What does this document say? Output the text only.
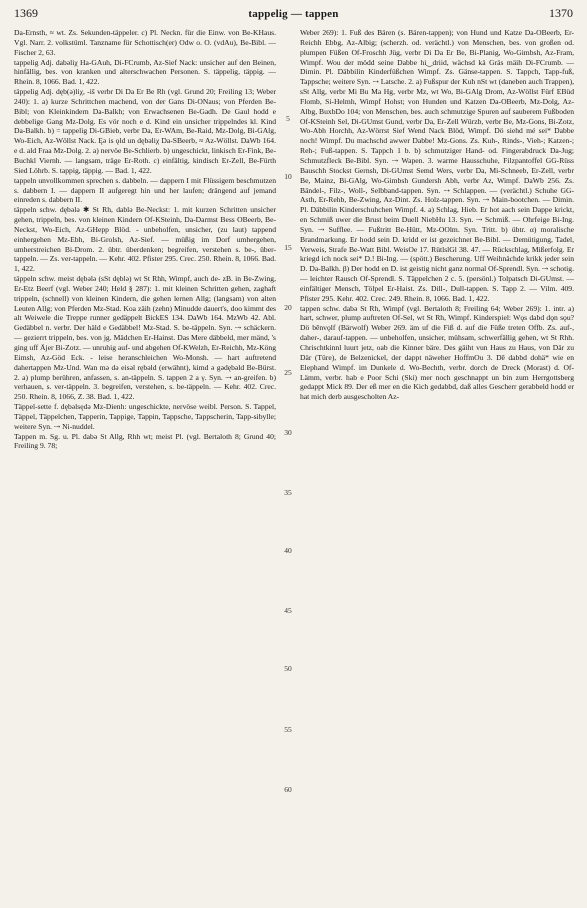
1369	tappelig — tappen	1370

Da-Ernsth, ≈ wt. Zs. Sekunden-täppeler. c) Pl. Neckn. für die Einw. von Be-KHaus. Vgl. Narr. 2. volkstüml. Tanzname für Schottisch(er) Odw o. O. (vdAu), Be-Bibl. — Fischer 2, 63.

tappelig Adj. dabəliχ Ha-GAuh, Di-FCrumb, Az-Sief Nack: unsicher auf den Beinen, hinfällig, bes. von kranken und alterschwachen Personen. S. täppelig, täppig. — Rhein. 8, 1066. Bad. 1, 422.

täppelig Adj. dęb(ə)liχ, -iš verbr Di Da Er Be Rh (vgl. Grund 20; Freiling 13; Weber 240): 1. a) kurze Schrittchen machend, von der Gans Di-ONaus; von Pferden Be-Bibl; von Kleinkindern Da-Balkh; von Erwachsenen Be-Gadh. De Gaul hodd e debbelige Gang Mz-Dolg. Es vör noch e d. Kind ein unsicher trippelndes kl. Kind Da-Balkh. b) = tappelig Di-GBieb, verbr Da, Er-WAm, Be-Raid, Mz-Dolg, Bi-GAlg, Wo-Eich, Az-Wöllst Nack. Ęə is ǫld un dębəliχ Da-SBeerb, ≈ Az-Wöllst. DaWb 164. e d. ald Fraa Mz-Dolg. 2. a) nervöe Be-Schlierb. b) ungeschickt, linkisch Er-Fink, Be-Buchkl Viernh. — langsam, träge Er-Roth. c) einfältig, kindisch Er-Zell, Be-Fürth Sied Löhrb. S. tappig, täppig. — Bad. 1, 422.

tappeln unvollkommen sprechen s. dabbeln. — dappern I mit Flüssigem beschmutzen s. dabbern I. — dappern II aufgeregt hin und her laufen; drängend auf jemand einreden s. dabbern II.

täppeln schw. dębələ ✱ St Rh, dablə Be-Neckst: 1. mit kurzen Schritten unsicher gehen, trippeln, bes. von kleinen Kindern Of-KSteinh, Da-Darmst Bess OBeerb, Be-Neckst, Wo-Eich, Az-GHepp Blöd. - unbeholfen, unsicher, (zu laut) tappend einhergehen Mz-Ebh, Bi-Grolsh, Az-Sief. — müßig im Dorf umhergehen, umherstreichen Bi-Drom. 2. übtr. überdenken; begreifen, verstehen s. be-, über-tappeln. — Zs. ver-tappeln. — Kehr. 402. Pfister 295. Crec. 250. Rhein. 8, 1066. Bad. 1, 422.

täppeln schw. meist dębələ (sSt dęblə) wt St Rhh, Wimpf, auch de- zB. in Be-Zwing, Er-Etz Beerf (vgl. Weber 240; Held § 287): 1. mit kleinen Schritten gehen, zaghaft trippeln, (schnell) von kleinen Kindern, die gehen lernen Allg; (langsam) von alten Leuten Allg; von Pferden Mz-Stad. Koa zäih (zehn) Minudde dauert's, doo kimmt des alt Weiwele die Treppe runner gedäppelt BickES 134. DaWb 164. MzWb 42. Abl. Gedäbbel n. verbr. Der häld e Gedäbbel! Mz-Stad. S. be-täppeln. Syn. ⇢ schäckern. — gezierrt trippeln, bes. von jg. Mädchen Er-Hainst. Das Mere däbbeld, mer mänd, 's ging uff Äjer Bi-Zotz. — unruhig auf- und abgehen Of-KWelzh, Er-Reichh, Mz-Köng Eimsh, Az-Göd Eck. - leise heranschleichen Wo-Monsh. — hart auftretend dahertappen Mz-Und. Wan mə də eisəl rębəld (erwähnt), kimd ə gədębəld Be-Bürst. 2. a) plump berühren, anfassen, s. an-täppeln. S. tappen 2 a γ. Syn. ⇢ an-greifen. b) verhauen, s. ver-täppeln. 3. begreifen, verstehen, s. be-täppeln. — Kehr. 402. Crec. 250. Rhein. 8, 1066, Z. 38. Bad. 1, 422.

Täppel-sette f. dębəlsędə Mz-Dienh: ungeschickte, nervöse weibl. Person. S. Tappel, Täppel, Täppelchen, Tapperin, Tappige, Tappin, Tappsche, Tappscherin, Tapp-sibylle; weitere Syn. ⇢ Ni-nuddel.

Tappen m. Sg. u. Pl. dabə St Allg, Rhh wt; meist Pl. (vgl. Bertaloth 8; Grund 40; Freiling 9. 78;

5
10
15
20
25
30
35
40
45
50
55
60

Weber 269): 1. Fuß des Bären (s. Bären-tappen); von Hund und Katze Da-OBeerb, Er-Reichh Ebbg, Az-Albig; (scherzh. od. verächtl.) von Menschen, bes. von großen od. plumpen Füßen Of-Froschh Jüg, verbr Di Da Er Be, Bi-Planig, Wo-Gimbsh, Az-Fram, Wimpf. Wou der mödd seine Dabbe hi‿driid, wächsd kä Gräs mäih Di-FCrumb. — Dimin. Pl. Däbbilin Kinderfüßchen Wimpf. Zs. Gänse-tappen. S. Tappch, Tapp-fuß, Tappsche; weitere Syn. ⇢ Latsche. 2. a) Fußspur der Kuh nSt wt (daneben auch Trappen), sSt Allg, verbr Mi Bu Ma Hg, verbr Mz, wt Wo, Bi-GAlg Drom, Az-Wöllst Fürf EBüd Flomb, Si-Helmh, Wimpf Hohst; von Hunden und Katzen Da-OBeerb, Mz-Dolg, Az-Albg, BuxbDo 104; von Menschen, bes. auch schmutzige Spuren auf sauberem Fußboden Of-KSteinh Sel, Di-GUmst Gund, verbr Da, Er-Zell Würzb, verbr Be, Mz-Gons, Bi-Zotz, Wo-Abh Horchh, Az-Wörrst Sief Wend Nack Blöd, Wimpf. Dö siehd mé sei* Dabbe noch! Wimpf. Du machschd awwer Dabbe! Mz-Gons. Zs. Kuh-, Rinds-, Vieh-; Katzen-; Reh-; Fuß-tappen. S. Tappch 1 b. b) schmutziger Hand- od. Fingerabdruck Da-Jug; Schmutzfleck Be-Bibl. Syn. ⇢ Wapen. 3. warme Hausschuhe, Filzpantoffel GG-Rüss Bauschh Stockst Gernsh, Di-GUmst Semd Wers, verbr Da, Mi-Schneeb, Er-Zell, verbr Be, Mainz, Bi-GAlg, Wo-Gimbsh Gundersh Abh, verbr Az, Wimpf. DaWb 256. Zs. Bändel-, Filz-, Woll-, Selbband-tappen. Syn. ⇢ Schlappen. — (verächtl.) Schuhe GG-Asth, Er-Rehb, Be-Zwing, Az-Dint. Zs. Holz-tappen. Syn. ⇢ Main-bootchen. — Dimin. Pl. Däbbilin Kinderschuhchen Wimpf. 4. a) Schlag, Hieb. Er hot aach sein Dappe krickt, en Schmiß uwer die Brust beim Duell NiebHu 13. Syn. ⇢ Schmiß. — Ohrfeige Bi-Ing. Syn. ⇢ Sufflee. — Fußtritt Be-Hütt, Mz-OOlm. Syn. Tritt. b) übtr. α) moralische Brandmarkung. Er hodd sein D. kridd er ist gezeichnet Be-Bibl. — Demütigung, Tadel, Verweis, Strafe Be-Watt Bibl. WeisOe 17. RütlslGl 38. 47. — Rückschlag, Mißerfolg. Er kriegd ich nock sei* D.! Bi-Ing. — (spött.) Bescherung. Uff Weihnächde krikk jeder sein D. Da-Balkh. β) Der hodd en D. ist geistig nicht ganz normal Of-Sprendl. Syn. ⇢ schotig. — leichter Rausch Of-Sprendl. S. Täppelchen 2 c. 5. (persönl.) Tolpatsch Di-GUmst. — einfältiger Mensch, Tölpel Er-Haist. Zs. Dill-, Dull-tappen. S. Tapp 2. — Vilm. 409. Pfister 295. Kehr. 402. Crec. 249. Rhein. 8, 1066. Bad. 1, 422.

tappen schw. dabə St Rh, Wimpf (vgl. Bertaloth 8; Freiling 64; Weber 269): 1. intr. a) hart, schwer, plump auftreten Of-Sel, wt St Rh, Wimpf. Kinderspiel: Wǫs dabd dǫn sǫu? Dö bēnvǫlf (Bärwolf) Weber 269. äm uf die Fiß d. auf die Füße treten Offb. Zs. auf-, daher-, darauf-tappen. — unbeholfen, unsicher, mühsam, schwerfällig gehen, wt St Rhh. Chrischtkinnl luurt jetz, oab die Kinner bäre. Des gäiht vun Haus zu Haus, von Där zu Där (Türe), de Belzenickel, der dappt näweher HoffmOu 3. Dē dabbd dohä* wie en Elephand Wimpf. im Dunkele d. Wo-Bechth, verbr. dorch de Dreck (Morast) d. Of-Lämm, verbr. hab e Poor Schi (Ski) mer noch geschnappt un bin zum Herrgottsberg gedappt Mick 89. Der eß mer en die Kich gedabbd, daß alles Gescherr gerabbeld hodd er hat mich derb ausgescholten Az-
